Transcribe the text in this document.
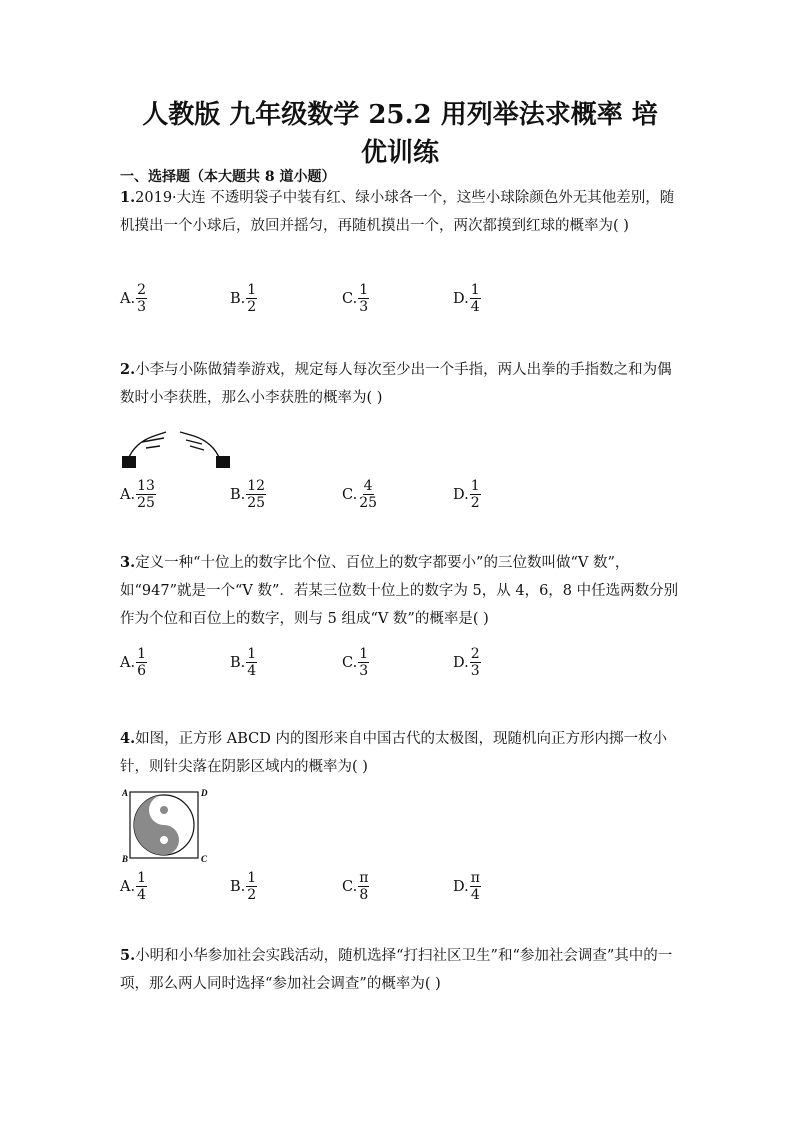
人教版 九年级数学 25.2 用列举法求概率 培
优训练
一、选择题（本大题共 8 道小题）
1.2019·大连 不透明袋子中装有红、绿小球各一个，这些小球除颜色外无其他差别，随机摸出一个小球后，放回并摇匀，再随机摸出一个，两次都摸到红球的概率为( )
A. $\frac{2}{3}$	B. $\frac{1}{2}$	C. $\frac{1}{3}$	D. $\frac{1}{4}$
2.小李与小陈做猜拳游戏，规定每人每次至少出一个手指，两人出拳的手指数之和为偶数时小李获胜，那么小李获胜的概率为( )
A. $\frac{13}{25}$	B. $\frac{12}{25}$	C. $\frac{4}{25}$	D. $\frac{1}{2}$
3.定义一种“十位上的数字比个位、百位上的数字都要小”的三位数叫做“V 数”，如“947”就是一个“V 数”．若某三位数十位上的数字为 5，从 4，6，8 中任选两数分别作为个位和百位上的数字，则与 5 组成“V 数”的概率是( )
A. $\frac{1}{6}$	B. $\frac{1}{4}$	C. $\frac{1}{3}$	D. $\frac{2}{3}$
4.如图，正方形 ABCD 内的图形来自中国古代的太极图，现随机向正方形内掷一枚小针，则针尖落在阴影区域内的概率为( )
A	D
B	C
A. $\frac{1}{4}$	B. $\frac{1}{2}$	C. $\frac{\pi}{8}$	D. $\frac{\pi}{4}$
5.小明和小华参加社会实践活动，随机选择“打扫社区卫生”和“参加社会调查”其中的一项，那么两人同时选择“参加社会调查”的概率为( )
